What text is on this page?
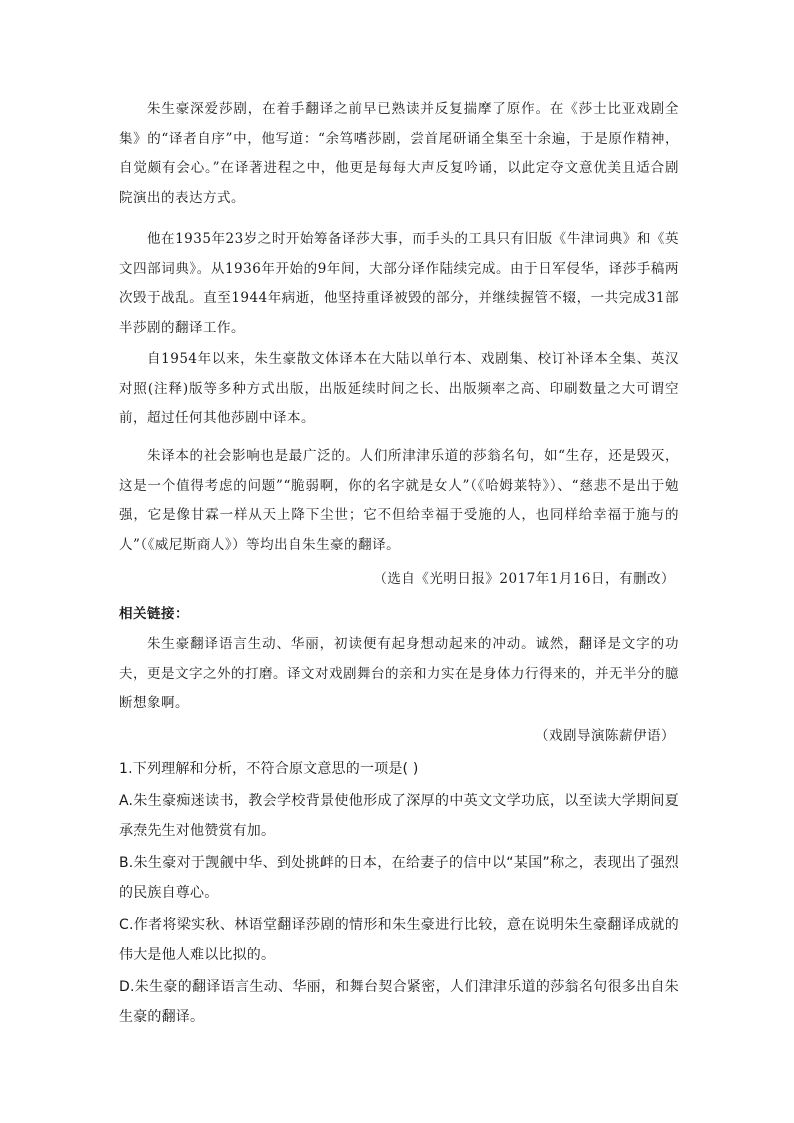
朱生豪深爱莎剧，在着手翻译之前早已熟读并反复揣摩了原作。在《莎士比亚戏剧全集》的“译者自序”中，他写道：“余笃嗜莎剧，尝首尾研诵全集至十余遍，于是原作精神，自觉颇有会心。”在译著进程之中，他更是每每大声反复吟诵，以此定夺文意优美且适合剧院演出的表达方式。

他在1935年23岁之时开始筹备译莎大事，而手头的工具只有旧版《牛津词典》和《英文四部词典》。从1936年开始的9年间，大部分译作陆续完成。由于日军侵华，译莎手稿两次毁于战乱。直至1944年病逝，他坚持重译被毁的部分，并继续握管不辍，一共完成31部半莎剧的翻译工作。

自1954年以来，朱生豪散文体译本在大陆以单行本、戏剧集、校订补译本全集、英汉对照(注释)版等多种方式出版，出版延续时间之长、出版频率之高、印刷数量之大可谓空前，超过任何其他莎剧中译本。

朱译本的社会影响也是最广泛的。人们所津津乐道的莎翁名句，如“生存，还是毁灭，这是一个值得考虑的问题”“脆弱啊，你的名字就是女人”（《哈姆莱特》）、“慈悲不是出于勉强，它是像甘霖一样从天上降下尘世；它不但给幸福于受施的人，也同样给幸福于施与的人”（《威尼斯商人》）等均出自朱生豪的翻译。

（选自《光明日报》2017年1月16日，有删改）

相关链接：

朱生豪翻译语言生动、华丽，初读便有起身想动起来的冲动。诚然，翻译是文字的功夫，更是文字之外的打磨。译文对戏剧舞台的亲和力实在是身体力行得来的，并无半分的臆断想象啊。

（戏剧导演陈薪伊语）

1.下列理解和分析，不符合原文意思的一项是( )

A.朱生豪痴迷读书，教会学校背景使他形成了深厚的中英文文学功底，以至读大学期间夏承焘先生对他赞赏有加。

B.朱生豪对于觊觎中华、到处挑衅的日本，在给妻子的信中以“某国”称之，表现出了强烈的民族自尊心。

C.作者将梁实秋、林语堂翻译莎剧的情形和朱生豪进行比较，意在说明朱生豪翻译成就的伟大是他人难以比拟的。

D.朱生豪的翻译语言生动、华丽，和舞台契合紧密，人们津津乐道的莎翁名句很多出自朱生豪的翻译。
